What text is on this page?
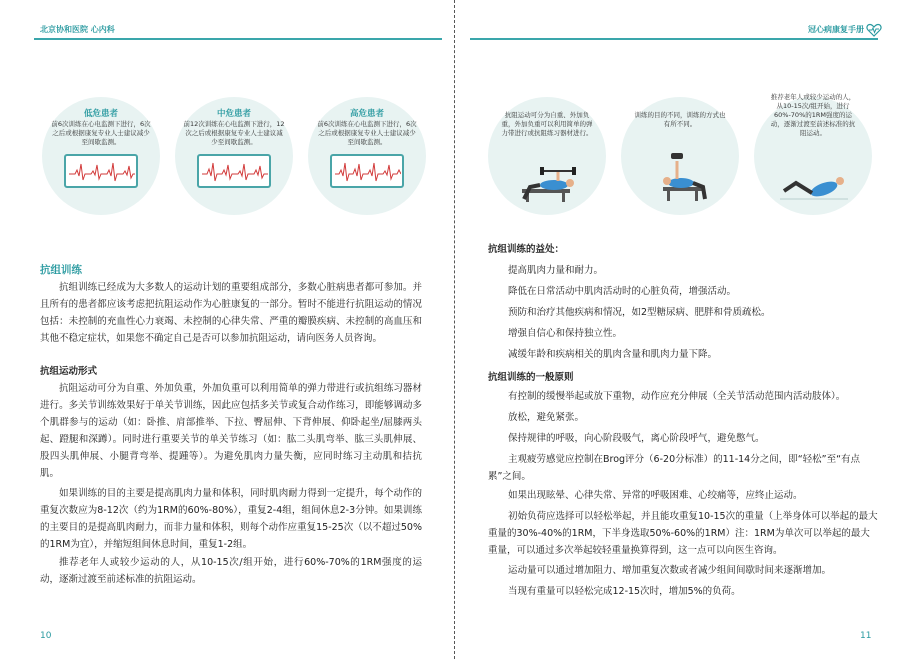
北京协和医院 心内科	冠心病康复手册
低危患者
前6次训练在心电监测下进行，6次之后或根据康复专业人士建议减少至间歇监测。
中危患者
前12次训练在心电监测下进行，12次之后或根据康复专业人士建议减少至间歇监测。
高危患者
前6次训练在心电监测下进行，6次之后或根据康复专业人士建议减少至间歇监测。
抗阻运动可分为自重、外加负重，外加负重可以利用简单的弹力带进行或抗阻练习器材进行。
训练的目的不同，训练的方式也有所不同。
推荐老年人或较少运动的人，从10-15次/组开始，进行60%-70%的1RM强度的运动，逐渐过渡至前述标准的抗阻运动。
抗组训练
抗组训练已经成为大多数人的运动计划的重要组成部分，多数心脏病患者都可参加。并且所有的患者都应该考虑把抗阻运动作为心脏康复的一部分。暂时不能进行抗阻运动的情况包括：未控制的充血性心力衰竭、未控制的心律失常、严重的瓣膜疾病、未控制的高血压和其他不稳定症状，如果您不确定自己是否可以参加抗阻运动，请向医务人员咨询。
抗组运动形式
抗阻运动可分为自重、外加负重，外加负重可以利用简单的弹力带进行或抗组练习器材进行。多关节训练效果好于单关节训练，因此应包括多关节或复合动作练习，即能够调动多个肌群参与的运动（如：卧推、肩部推举、下拉、臀屈伸、下背伸展、仰卧起坐/屈膝两头起、蹬腿和深蹲）。同时进行重要关节的单关节练习（如：肱二头肌弯举、肱三头肌伸展、股四头肌伸展、小腿背弯举、提踵等）。为避免肌肉力量失衡，应同时练习主动肌和拮抗肌。
如果训练的目的主要是提高肌肉力量和体积，同时肌肉耐力得到一定提升，每个动作的重复次数应为8-12次（约为1RM的60%-80%），重复2-4组，组间休息2-3分钟。如果训练的主要目的是提高肌肉耐力，而非力量和体积，则每个动作应重复15-25次（以不超过50%的1RM为宜），并缩短组间休息时间，重复1-2组。
推荐老年人或较少运动的人，从10-15次/组开始，进行60%-70%的1RM强度的运动，逐渐过渡至前述标准的抗阻运动。
10
抗组训练的益处：
提高肌肉力量和耐力。
降低在日常活动中肌肉活动时的心脏负荷，增强活动。
预防和治疗其他疾病和情况，如2型糖尿病、肥胖和骨质疏松。
增强自信心和保持独立性。
减缓年龄和疾病相关的肌肉含量和肌肉力量下降。
抗组训练的一般原则
有控制的缓慢举起或放下重物，动作应充分伸展（全关节活动范围内活动肢体）。
放松，避免紧张。
保持规律的呼吸，向心阶段吸气，离心阶段呼气，避免憋气。
主观疲劳感觉应控制在Brog评分（6-20分标准）的11-14分之间，即“轻松”至“有点累”之间。
如果出现眩晕、心律失常、异常的呼吸困难、心绞痛等，应终止运动。
初始负荷应选择可以轻松举起，并且能攻重复10-15次的重量（上举身体可以举起的最大重量的30%-40%的1RM，下半身选取50%-60%的1RM）注：1RM为单次可以举起的最大重量，可以通过多次举起较轻重量换算得到，这一点可以向医生咨询。
运动量可以通过增加阻力、增加重复次数或者减少组间间歇时间来逐渐增加。
当现有重量可以轻松完成12-15次时，增加5%的负荷。
11
